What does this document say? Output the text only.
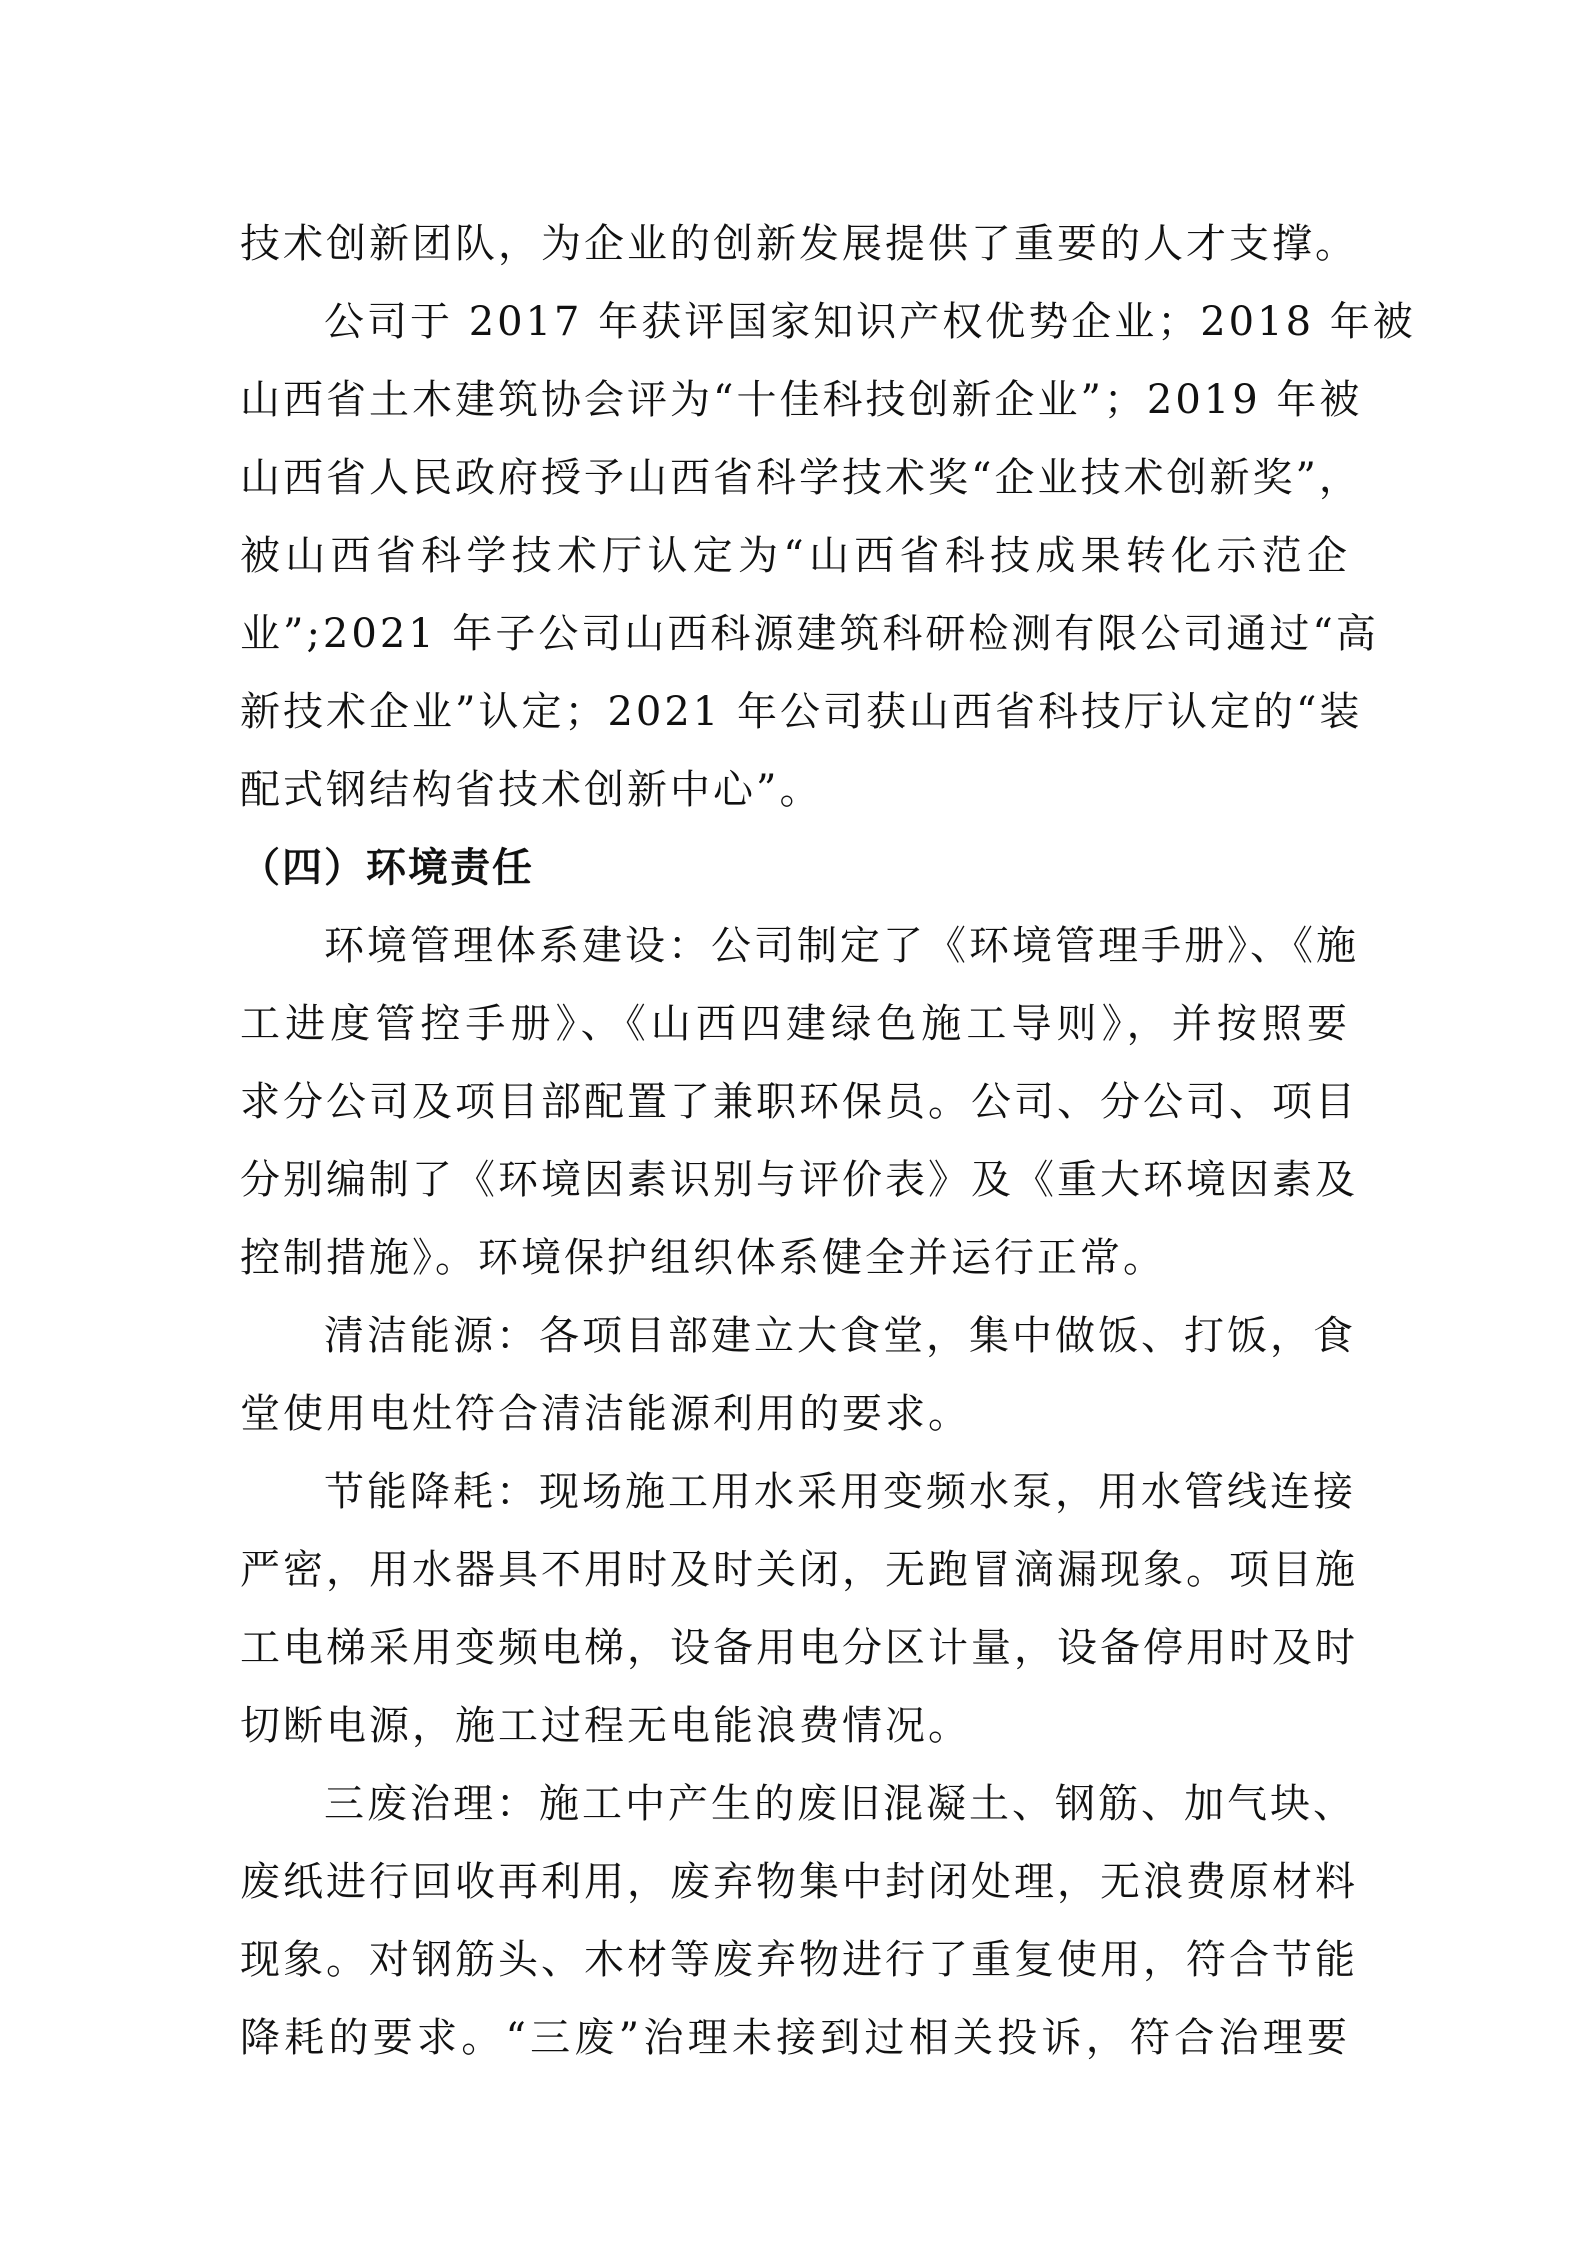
技术创新团队，为企业的创新发展提供了重要的人才支撑。
公司于 2017 年获评国家知识产权优势企业；2018 年被
山西省土木建筑协会评为“十佳科技创新企业”；2019 年被
山西省人民政府授予山西省科学技术奖“企业技术创新奖”，
被山西省科学技术厅认定为“山西省科技成果转化示范企
业”;2021 年子公司山西科源建筑科研检测有限公司通过“高
新技术企业”认定；2021 年公司获山西省科技厅认定的“装
配式钢结构省技术创新中心”。
（四）环境责任
环境管理体系建设：公司制定了《环境管理手册》、《施
工进度管控手册》、《山西四建绿色施工导则》，并按照要
求分公司及项目部配置了兼职环保员。公司、分公司、项目
分别编制了《环境因素识别与评价表》及《重大环境因素及
控制措施》。环境保护组织体系健全并运行正常。
清洁能源：各项目部建立大食堂，集中做饭、打饭，食
堂使用电灶符合清洁能源利用的要求。
节能降耗：现场施工用水采用变频水泵，用水管线连接
严密，用水器具不用时及时关闭，无跑冒滴漏现象。项目施
工电梯采用变频电梯，设备用电分区计量，设备停用时及时
切断电源，施工过程无电能浪费情况。
三废治理：施工中产生的废旧混凝土、钢筋、加气块、
废纸进行回收再利用，废弃物集中封闭处理，无浪费原材料
现象。对钢筋头、木材等废弃物进行了重复使用，符合节能
降耗的要求。“三废”治理未接到过相关投诉，符合治理要
